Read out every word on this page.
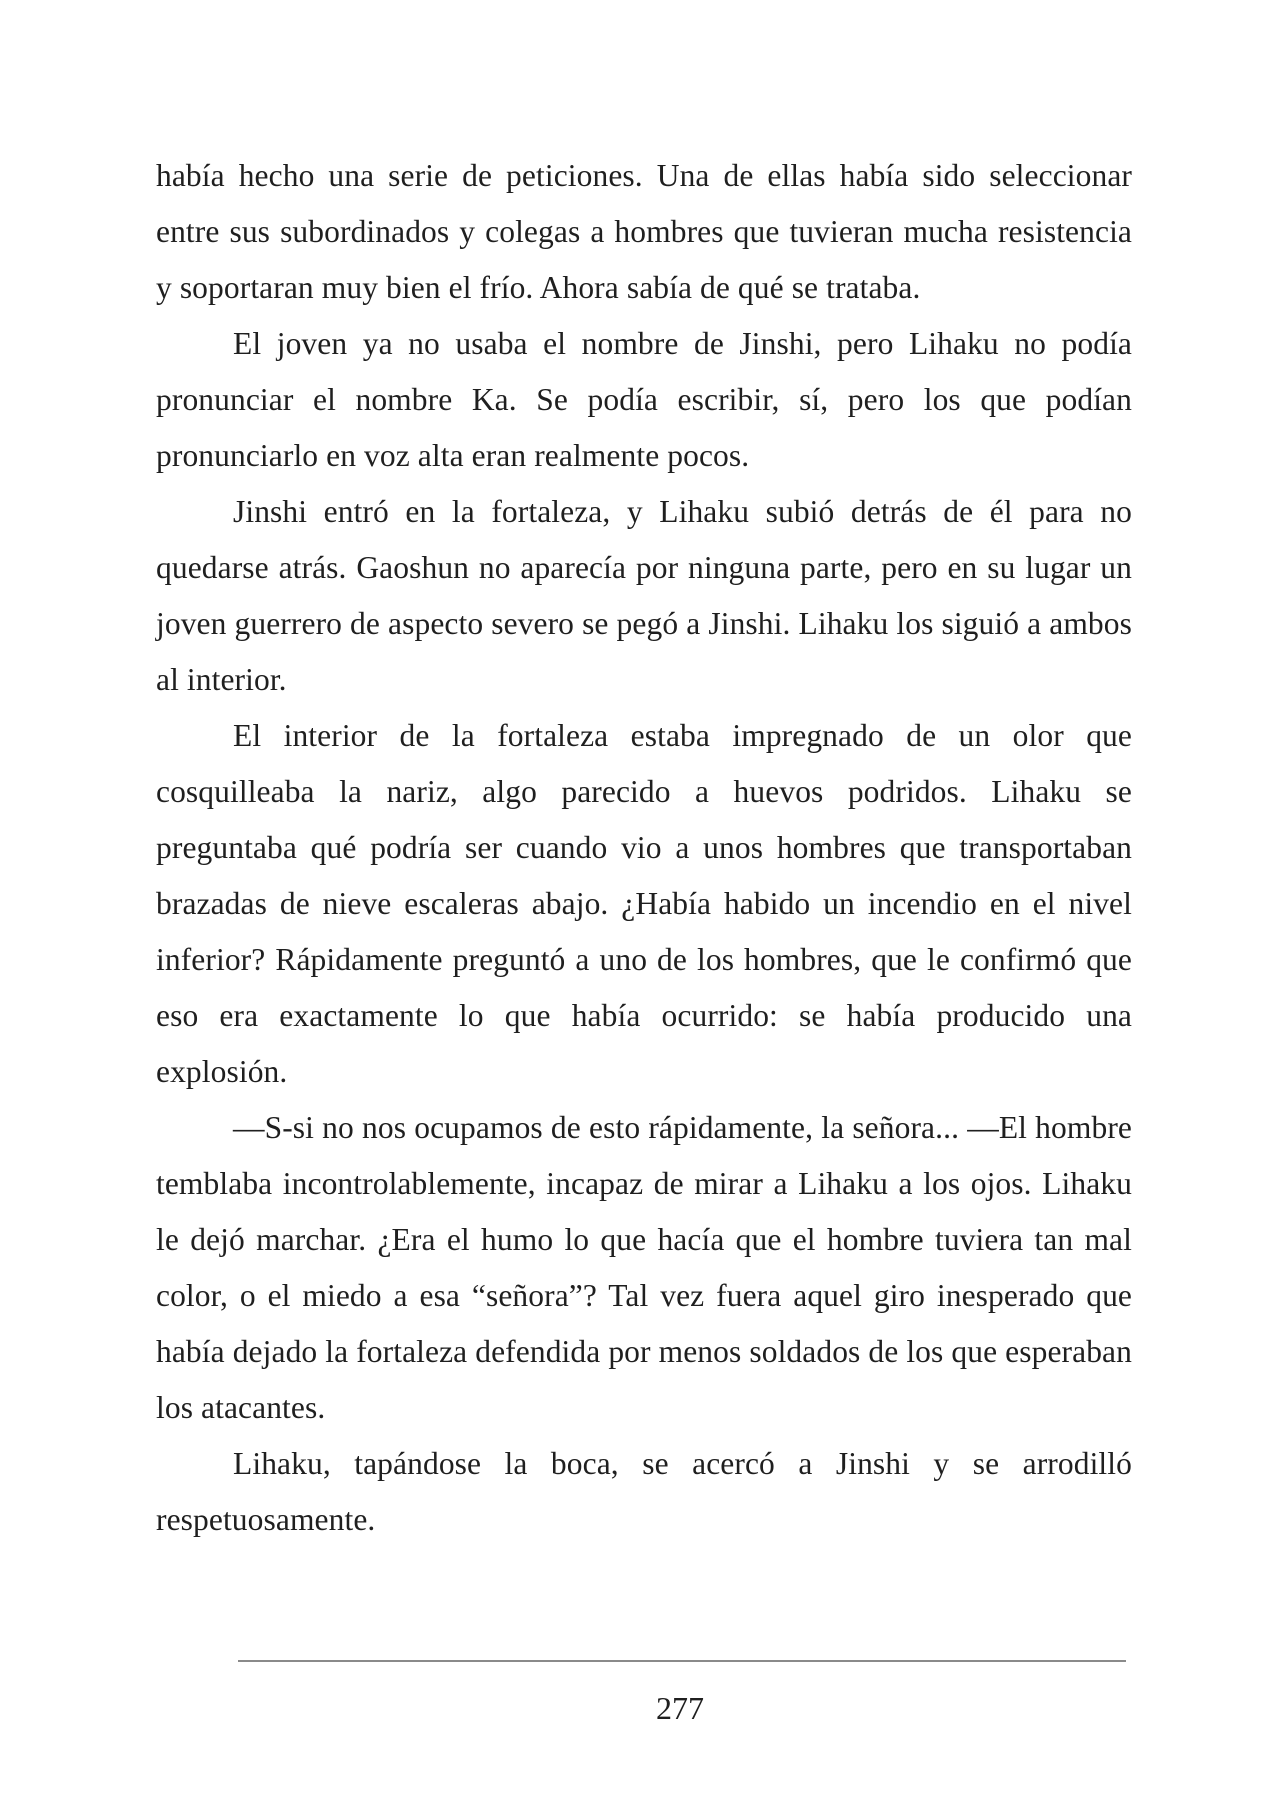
había hecho una serie de peticiones. Una de ellas había sido seleccionar entre sus subordinados y colegas a hombres que tuvieran mucha resistencia y soportaran muy bien el frío. Ahora sabía de qué se trataba.

El joven ya no usaba el nombre de Jinshi, pero Lihaku no podía pronunciar el nombre Ka. Se podía escribir, sí, pero los que podían pronunciarlo en voz alta eran realmente pocos.

Jinshi entró en la fortaleza, y Lihaku subió detrás de él para no quedarse atrás. Gaoshun no aparecía por ninguna parte, pero en su lugar un joven guerrero de aspecto severo se pegó a Jinshi. Lihaku los siguió a ambos al interior.

El interior de la fortaleza estaba impregnado de un olor que cosquilleaba la nariz, algo parecido a huevos podridos. Lihaku se preguntaba qué podría ser cuando vio a unos hombres que transportaban brazadas de nieve escaleras abajo. ¿Había habido un incendio en el nivel inferior? Rápidamente preguntó a uno de los hombres, que le confirmó que eso era exactamente lo que había ocurrido: se había producido una explosión.

—S-si no nos ocupamos de esto rápidamente, la señora... —El hombre temblaba incontrolablemente, incapaz de mirar a Lihaku a los ojos. Lihaku le dejó marchar. ¿Era el humo lo que hacía que el hombre tuviera tan mal color, o el miedo a esa “señora”? Tal vez fuera aquel giro inesperado que había dejado la fortaleza defendida por menos soldados de los que esperaban los atacantes.

Lihaku, tapándose la boca, se acercó a Jinshi y se arrodilló respetuosamente.

277
